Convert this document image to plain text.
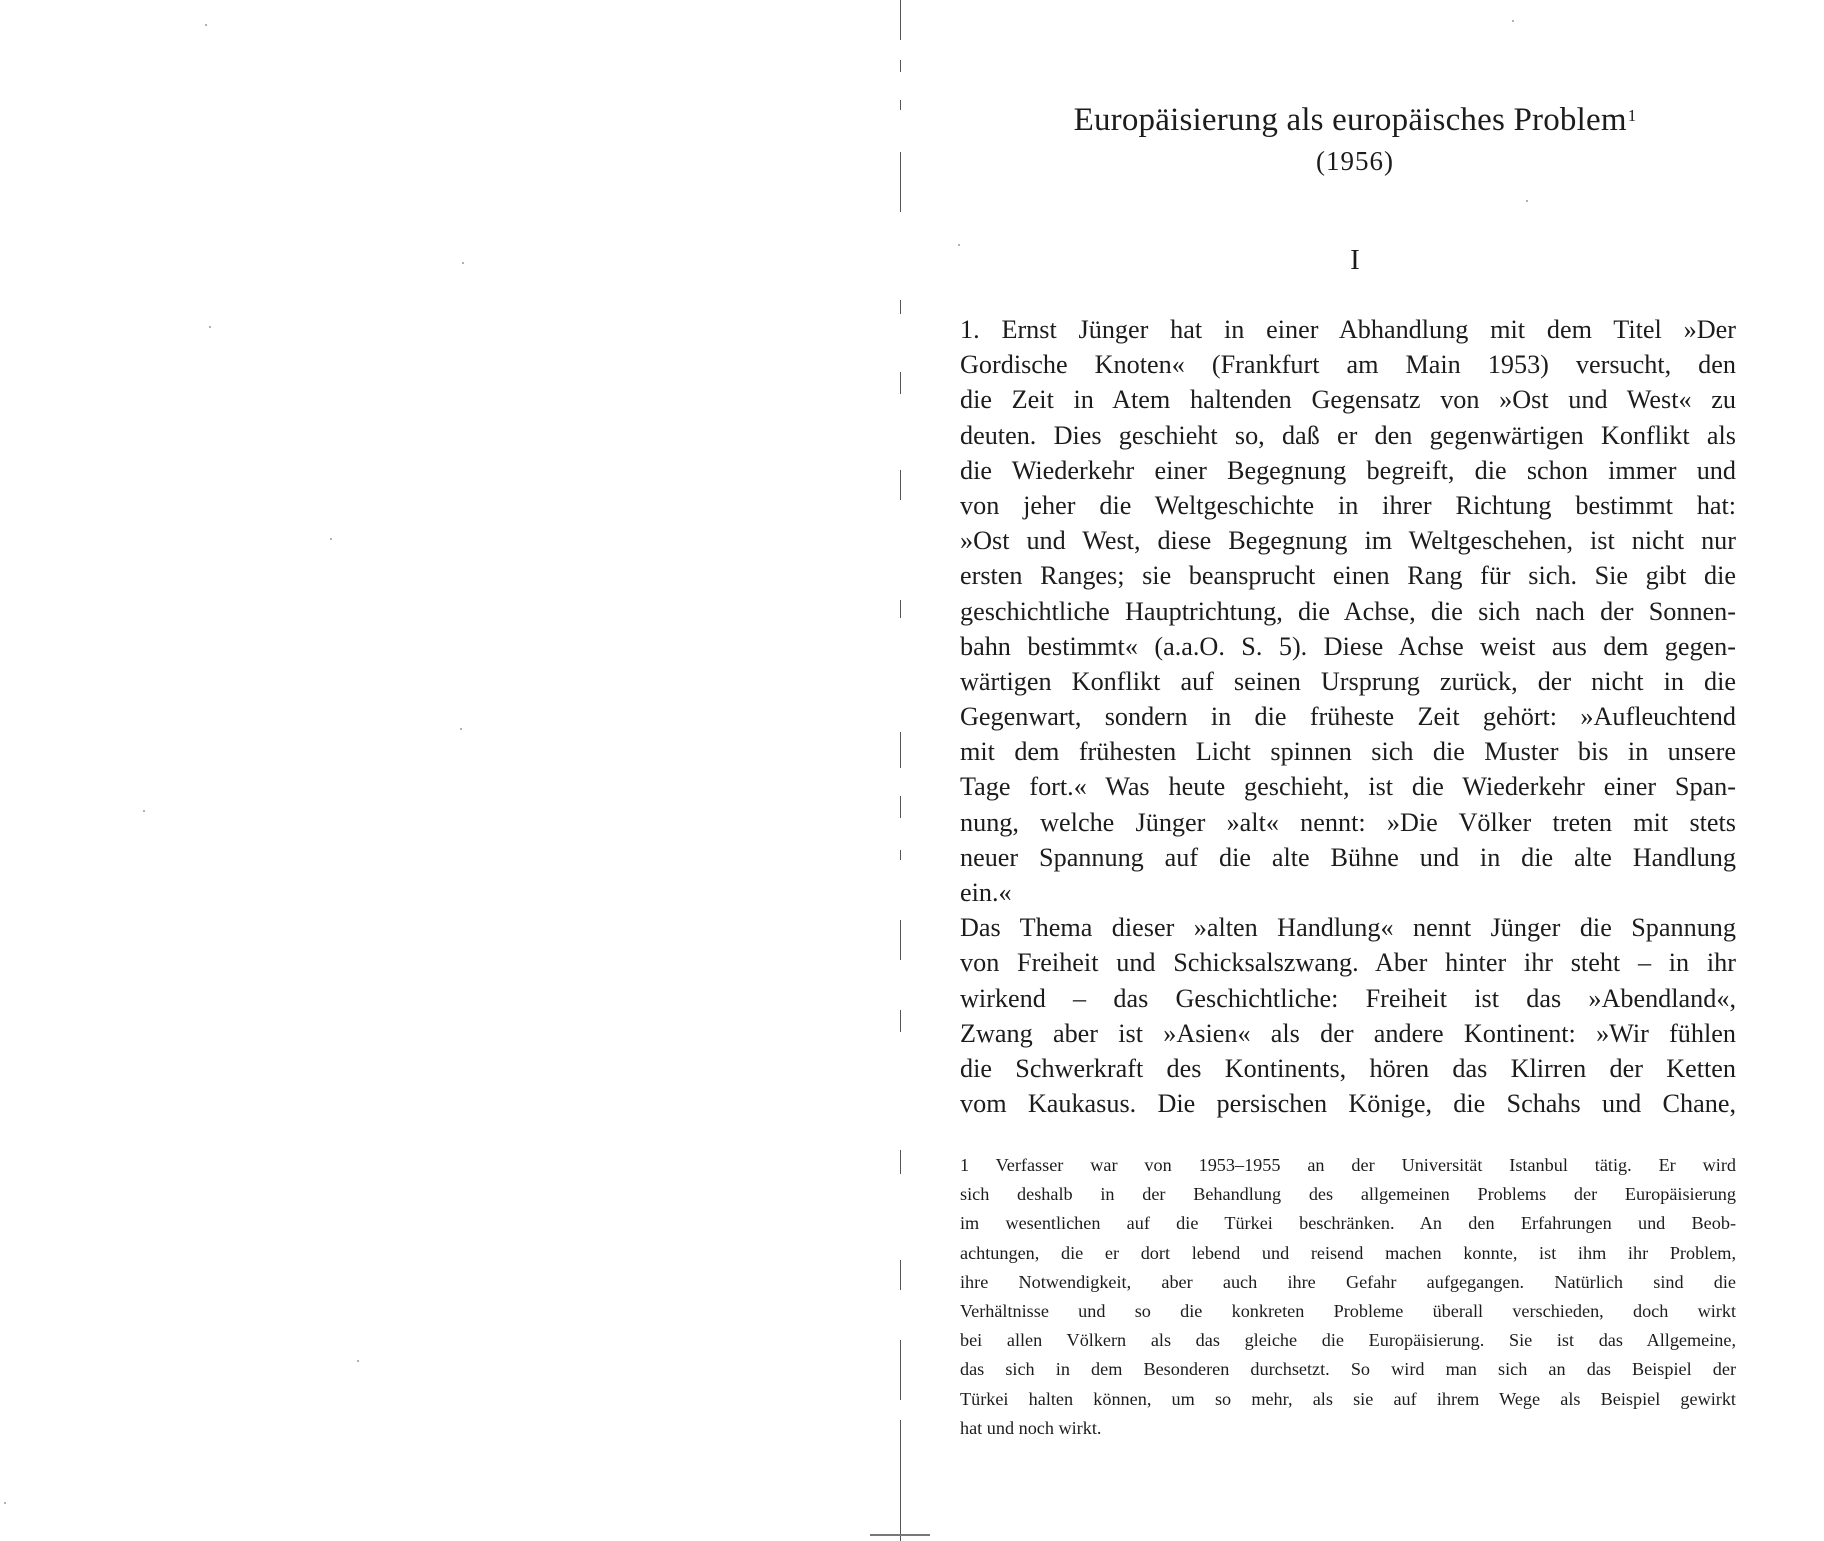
Europäisierung als europäisches Problem$^1$
(1956)
I
1. Ernst Jünger hat in einer Abhandlung mit dem Titel »Der
Gordische Knoten« (Frankfurt am Main 1953) versucht, den
die Zeit in Atem haltenden Gegensatz von »Ost und West« zu
deuten. Dies geschieht so, daß er den gegenwärtigen Konflikt als
die Wiederkehr einer Begegnung begreift, die schon immer und
von jeher die Weltgeschichte in ihrer Richtung bestimmt hat:
»Ost und West, diese Begegnung im Weltgeschehen, ist nicht nur
ersten Ranges; sie beansprucht einen Rang für sich. Sie gibt die
geschichtliche Hauptrichtung, die Achse, die sich nach der Sonnen-
bahn bestimmt« (a.a.O. S. 5). Diese Achse weist aus dem gegen-
wärtigen Konflikt auf seinen Ursprung zurück, der nicht in die
Gegenwart, sondern in die früheste Zeit gehört: »Aufleuchtend
mit dem frühesten Licht spinnen sich die Muster bis in unsere
Tage fort.« Was heute geschieht, ist die Wiederkehr einer Span-
nung, welche Jünger »alt« nennt: »Die Völker treten mit stets
neuer Spannung auf die alte Bühne und in die alte Handlung
ein.«
Das Thema dieser »alten Handlung« nennt Jünger die Spannung
von Freiheit und Schicksalszwang. Aber hinter ihr steht – in ihr
wirkend – das Geschichtliche: Freiheit ist das »Abendland«,
Zwang aber ist »Asien« als der andere Kontinent: »Wir fühlen
die Schwerkraft des Kontinents, hören das Klirren der Ketten
vom Kaukasus. Die persischen Könige, die Schahs und Chane,
1 Verfasser war von 1953–1955 an der Universität Istanbul tätig. Er wird
sich deshalb in der Behandlung des allgemeinen Problems der Europäisierung
im wesentlichen auf die Türkei beschränken. An den Erfahrungen und Beob-
achtungen, die er dort lebend und reisend machen konnte, ist ihm ihr Problem,
ihre Notwendigkeit, aber auch ihre Gefahr aufgegangen. Natürlich sind die
Verhältnisse und so die konkreten Probleme überall verschieden, doch wirkt
bei allen Völkern als das gleiche die Europäisierung. Sie ist das Allgemeine,
das sich in dem Besonderen durchsetzt. So wird man sich an das Beispiel der
Türkei halten können, um so mehr, als sie auf ihrem Wege als Beispiel gewirkt
hat und noch wirkt.
